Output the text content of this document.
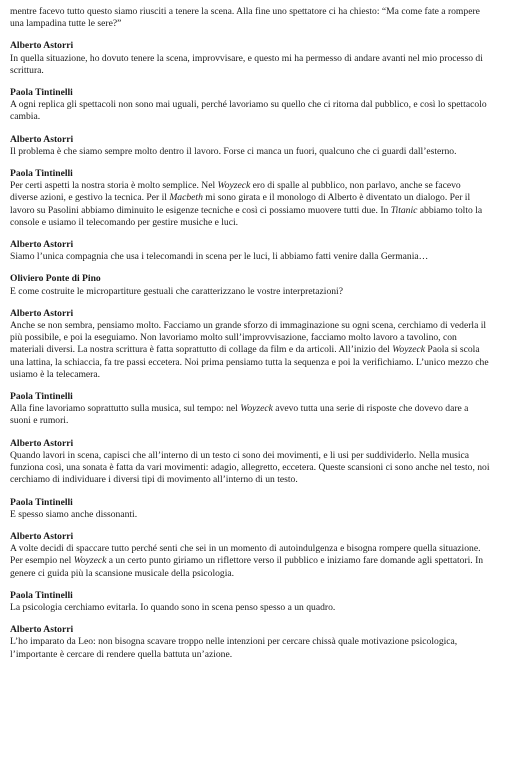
mentre facevo tutto questo siamo riusciti a tenere la scena. Alla fine uno spettatore ci ha chiesto: “Ma come fate a rompere una lampadina tutte le sere?”

Alberto Astorri

In quella situazione, ho dovuto tenere la scena, improvvisare, e questo mi ha permesso di andare avanti nel mio processo di scrittura.

Paola Tintinelli

A ogni replica gli spettacoli non sono mai uguali, perché lavoriamo su quello che ci ritorna dal pubblico, e così lo spettacolo cambia.

Alberto Astorri

Il problema è che siamo sempre molto dentro il lavoro. Forse ci manca un fuori, qualcuno che ci guardi dall’esterno.

Paola Tintinelli

Per certi aspetti la nostra storia è molto semplice. Nel Woyzeck ero di spalle al pubblico, non parlavo, anche se facevo diverse azioni, e gestivo la tecnica. Per il Macbeth mi sono girata e il monologo di Alberto è diventato un dialogo. Per il lavoro su Pasolini abbiamo diminuito le esigenze tecniche e così ci possiamo muovere tutti due. In Titanic abbiamo tolto la console e usiamo il telecomando per gestire musiche e luci.

Alberto Astorri

Siamo l’unica compagnia che usa i telecomandi in scena per le luci, li abbiamo fatti venire dalla Germania…

Oliviero Ponte di Pino

E come costruite le micropartiture gestuali che caratterizzano le vostre interpretazioni?

Alberto Astorri

Anche se non sembra, pensiamo molto. Facciamo un grande sforzo di immaginazione su ogni scena, cerchiamo di vederla il più possibile, e poi la eseguiamo. Non lavoriamo molto sull’improvvisazione, facciamo molto lavoro a tavolino, con materiali diversi. La nostra scrittura è fatta soprattutto di collage da film e da articoli. All’inizio del Woyzeck Paola si scola una lattina, la schiaccia, fa tre passi eccetera. Noi prima pensiamo tutta la sequenza e poi la verifichiamo. L’unico mezzo che usiamo è la telecamera.

Paola Tintinelli

Alla fine lavoriamo soprattutto sulla musica, sul tempo: nel Woyzeck avevo tutta una serie di risposte che dovevo dare a suoni e rumori.

Alberto Astorri

Quando lavori in scena, capisci che all’interno di un testo ci sono dei movimenti, e li usi per suddividerlo. Nella musica funziona così, una sonata è fatta da vari movimenti: adagio, allegretto, eccetera. Queste scansioni ci sono anche nel testo, noi cerchiamo di individuare i diversi tipi di movimento all’interno di un testo.

Paola Tintinelli

E spesso siamo anche dissonanti.

Alberto Astorri

A volte decidi di spaccare tutto perché senti che sei in un momento di autoindulgenza e bisogna rompere quella situazione. Per esempio nel Woyzeck a un certo punto giriamo un riflettore verso il pubblico e iniziamo fare domande agli spettatori. In genere ci guida più la scansione musicale della psicologia.

Paola Tintinelli

La psicologia cerchiamo evitarla. Io quando sono in scena penso spesso a un quadro.

Alberto Astorri

L’ho imparato da Leo: non bisogna scavare troppo nelle intenzioni per cercare chissà quale motivazione psicologica, l’importante è cercare di rendere quella battuta un’azione.
